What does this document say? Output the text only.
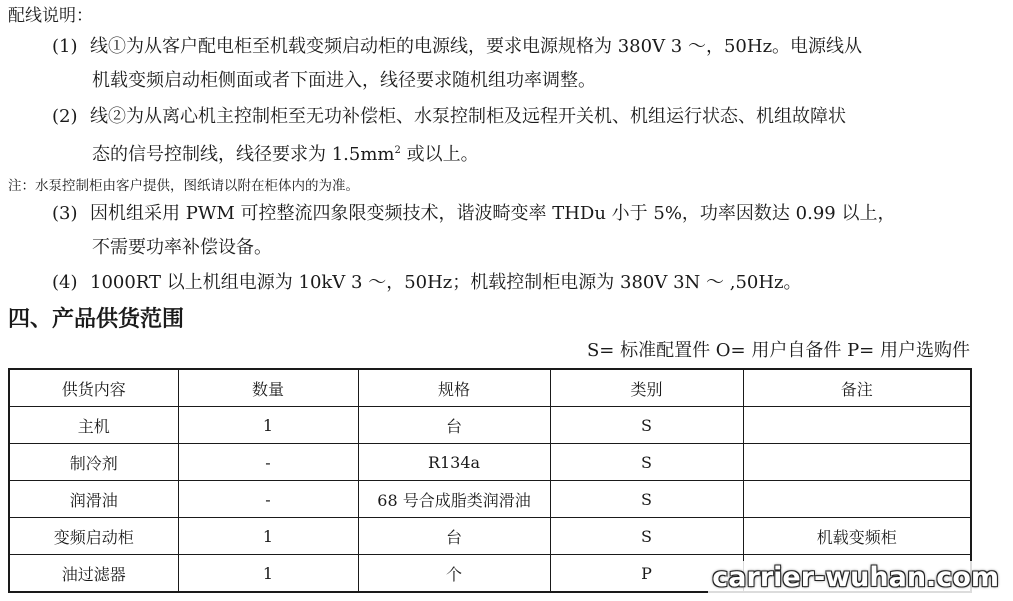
配线说明：
(1) 线①为从客户配电柜至机载变频启动柜的电源线，要求电源规格为 380V 3 ～，50Hz。电源线从
机载变频启动柜侧面或者下面进入，线径要求随机组功率调整。
(2) 线②为从离心机主控制柜至无功补偿柜、水泵控制柜及远程开关机、机组运行状态、机组故障状
态的信号控制线，线径要求为 $1.5mm^2$ 或以上。
注：水泵控制柜由客户提供，图纸请以附在柜体内的为准。
(3) 因机组采用 PWM 可控整流四象限变频技术，谐波畸变率 THDu 小于 5%，功率因数达 0.99 以上，
不需要功率补偿设备。
(4) 1000RT 以上机组电源为 10kV 3 ～，50Hz；机载控制柜电源为 380V 3N ～ ,50Hz。
四、产品供货范围
S= 标准配置件 O= 用户自备件 P= 用户选购件
供货内容	数量	规格	类别	备注
主机	1	台	S	
制冷剂	-	R134a	S	
润滑油	-	68 号合成脂类润滑油	S	
变频启动柜	1	台	S	机载变频柜
油过滤器	1	个	P	carrier-wuhan.com
